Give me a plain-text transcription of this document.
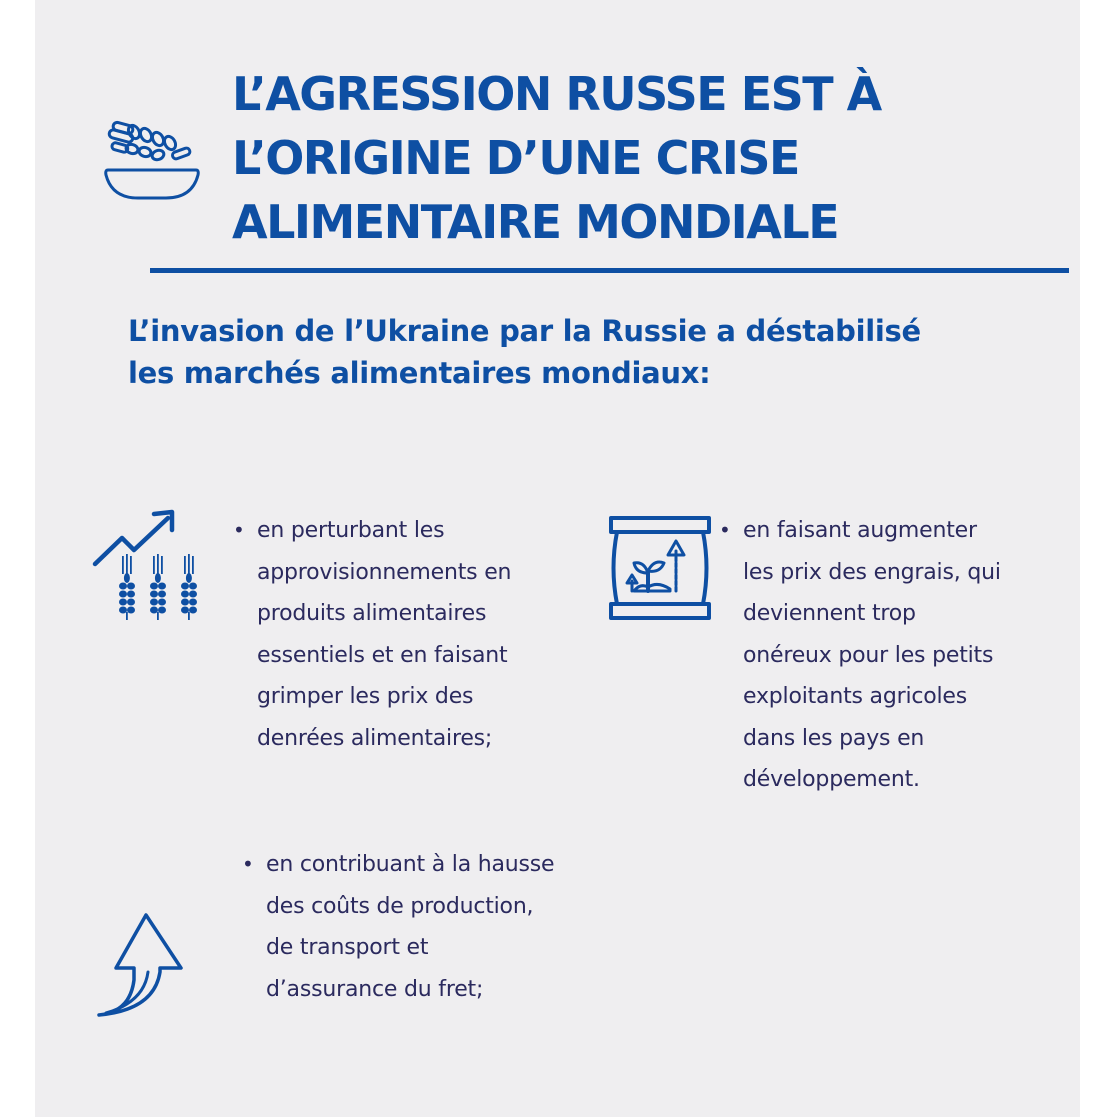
L’AGRESSION RUSSE EST À
L’ORIGINE D’UNE CRISE
ALIMENTAIRE MONDIALE
L’invasion de l’Ukraine par la Russie a déstabilisé
les marchés alimentaires mondiaux:
• en perturbant les
approvisionnements en
produits alimentaires
essentiels et en faisant
grimper les prix des
denrées alimentaires;
• en faisant augmenter
les prix des engrais, qui
deviennent trop
onéreux pour les petits
exploitants agricoles
dans les pays en
développement.
• en contribuant à la hausse
des coûts de production,
de transport et
d’assurance du fret;
